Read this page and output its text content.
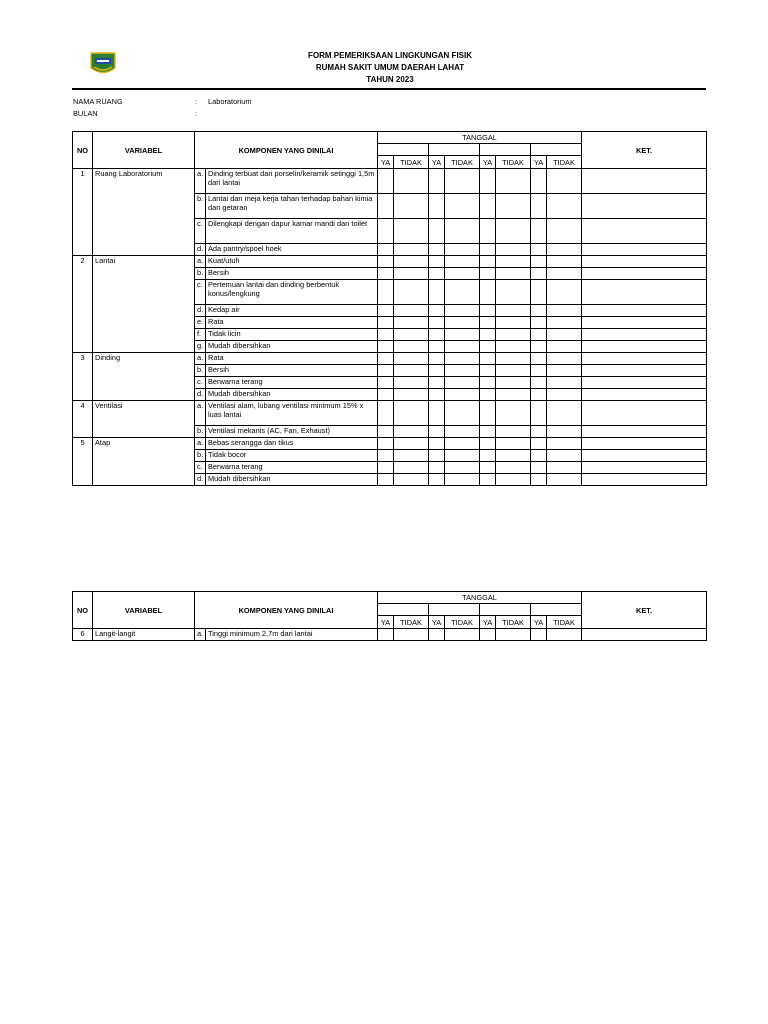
FORM PEMERIKSAAN LINGKUNGAN FISIK
RUMAH SAKIT UMUM DAERAH LAHAT
TAHUN 2023
NAMA RUANG	: Laboratorium
BULAN	:
NO	VARIABEL	KOMPONEN YANG DINILAI		TANGGAL								KET.

				YA	TIDAK	YA	TIDAK	YA	TIDAK	YA	TIDAK	
1	Ruang Laboratorium	a.	Dinding terbuat dari porselin/keramik setinggi 1,5m dari lantai									
		b.	Lantai dan meja kerja tahan terhadap bahan kimia dan getaran									
		c.	Dilengkapi dengan dapur kamar mandi dan toilet									
		d.	Ada pantry/spoel hoek									
2	Lantai	a.	Kuat/utuh									
		b.	Bersih									
		c.	Pertemuan lantai dan dinding berbentuk konus/lengkung									
		d.	Kedap air									
		e.	Rata									
		f.	Tidak licin									
		g.	Mudah dibersihkan									
3	Dinding	a.	Rata									
		b.	Bersih									
		c.	Berwarna terang									
		d.	Mudah dibersihkan									
4	Ventilasi	a.	Ventilasi alam, lubang ventilasi minimum 15% x luas lantai									
		b.	Ventilasi mekanis (AC, Fan, Exhaust)									
5	Atap	a.	Bebas serangga dan tikus									
		b.	Tidak bocor									
		c.	Berwarna terang									
		d.	Mudah dibersihkan									
NO	VARIABEL	KOMPONEN YANG DINILAI		TANGGAL								KET.

				YA	TIDAK	YA	TIDAK	YA	TIDAK	YA	TIDAK	
6	Langit-langit	a.	Tinggi minimum 2,7m dari lantai									
